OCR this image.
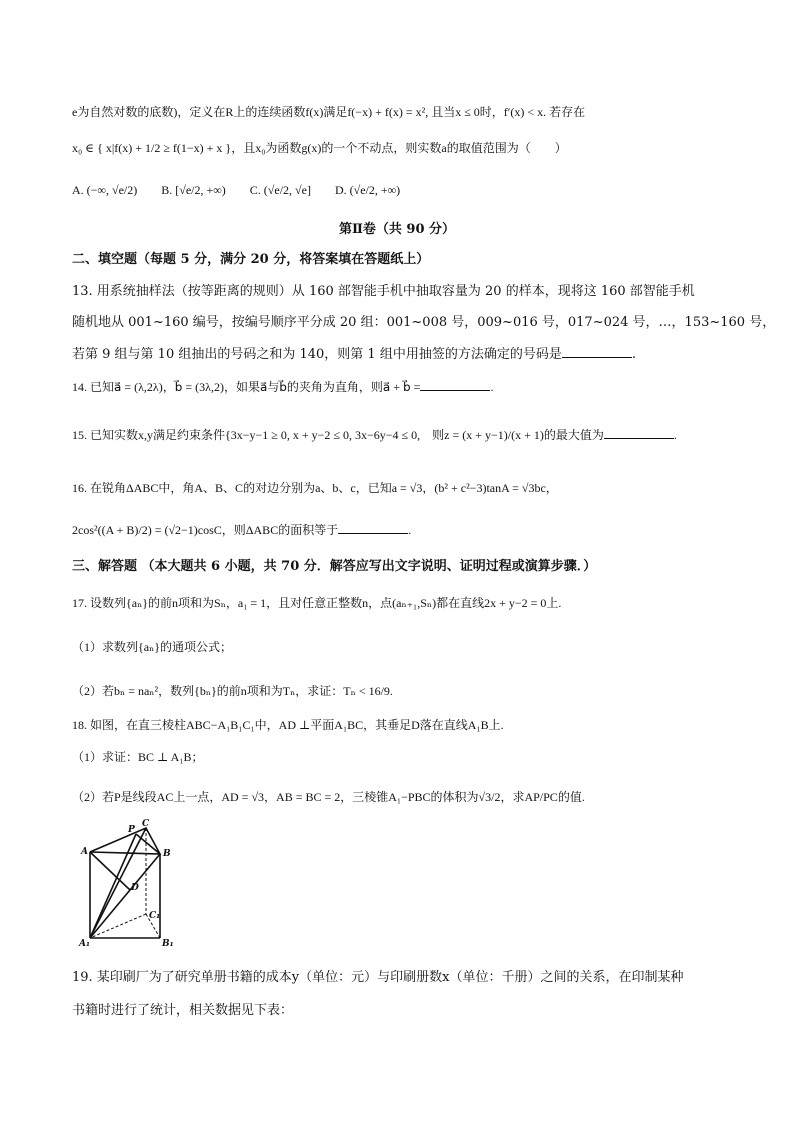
e为自然对数的底数)，定义在R上的连续函数f(x)满足f(−x) + f(x) = x², 且当x ≤ 0时，f′(x) < x. 若存在
x₀ ∈ { x|f(x) + 1/2 ≥ f(1−x) + x }，且x₀为函数g(x)的一个不动点，则实数a的取值范围为（　　）
A. (−∞, √e/2)　　B. [√e/2, +∞)　　C. (√e/2, √e]　　D. (√e/2, +∞)
第Ⅱ卷（共 90 分）
二、填空题（每题 5 分，满分 20 分，将答案填在答题纸上）
13. 用系统抽样法（按等距离的规则）从 160 部智能手机中抽取容量为 20 的样本，现将这 160 部智能手机
随机地从 001~160 编号，按编号顺序平分成 20 组：001~008 号，009~016 号，017~024 号，…，153~160 号，
若第 9 组与第 10 组抽出的号码之和为 140，则第 1 组中用抽签的方法确定的号码是	.
14. 已知a⃗ = (λ,2λ)，b⃗ = (3λ,2)，如果a⃗与b⃗的夹角为直角，则a⃗ + b⃗ =	.
15. 已知实数x,y满足约束条件{3x−y−1 ≥ 0, x + y−2 ≤ 0, 3x−6y−4 ≤ 0,　则z = (x + y−1)/(x + 1)的最大值为	.
16. 在锐角ΔABC中，角A、B、C的对边分别为a、b、c，已知a = √3，(b² + c²−3)tanA = √3bc，
2cos²((A + B)/2) = (√2−1)cosC，则ΔABC的面积等于	.
三、解答题 （本大题共 6 小题，共 70 分．解答应写出文字说明、证明过程或演算步骤．）
17. 设数列{aₙ}的前n项和为Sₙ，a₁ = 1，且对任意正整数n，点(aₙ₊₁,Sₙ)都在直线2x + y−2 = 0上.
（1）求数列{aₙ}的通项公式；
（2）若bₙ = naₙ²，数列{bₙ}的前n项和为Tₙ，求证：Tₙ < 16/9.
18. 如图，在直三棱柱ABC−A₁B₁C₁中，AD ⊥平面A₁BC，其垂足D落在直线A₁B上.
（1）求证：BC ⊥ A₁B；
（2）若P是线段AC上一点，AD = √3，AB = BC = 2，三棱锥A₁−PBC的体积为√3/2，求AP/PC的值.
A	B
C
P
D
A₁	B₁
C₁
19. 某印刷厂为了研究单册书籍的成本y（单位：元）与印刷册数x（单位：千册）之间的关系，在印制某种
书籍时进行了统计，相关数据见下表：
